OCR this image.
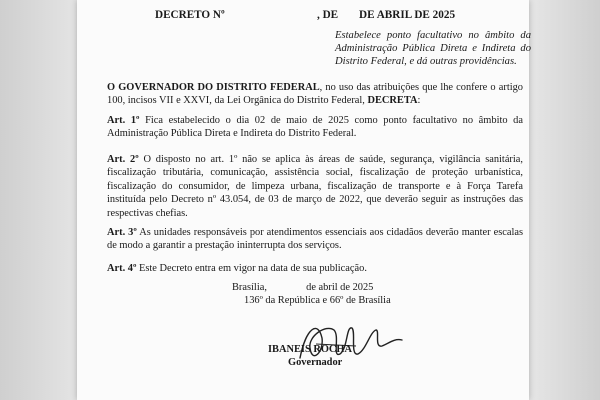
DECRETO Nº	, DE DE ABRIL DE 2025
Estabelece ponto facultativo no âmbito da Administração Pública Direta e Indireta do Distrito Federal, e dá outras providências.
O GOVERNADOR DO DISTRITO FEDERAL, no uso das atribuições que lhe confere o artigo 100, incisos VII e XXVI, da Lei Orgânica do Distrito Federal, DECRETA:
Art. 1º Fica estabelecido o dia 02 de maio de 2025 como ponto facultativo no âmbito da Administração Pública Direta e Indireta do Distrito Federal.
Art. 2º O disposto no art. 1º não se aplica às áreas de saúde, segurança, vigilância sanitária, fiscalização tributária, comunicação, assistência social, fiscalização de proteção urbanística, fiscalização do consumidor, de limpeza urbana, fiscalização de transporte e à Força Tarefa instituída pelo Decreto nº 43.054, de 03 de março de 2022, que deverão seguir as instruções das respectivas chefias.
Art. 3º As unidades responsáveis por atendimentos essenciais aos cidadãos deverão manter escalas de modo a garantir a prestação ininterrupta dos serviços.
Art. 4º Este Decreto entra em vigor na data de sua publicação.
Brasília,	de abril de 2025
136º da República e 66º de Brasília
IBANEIS ROCHA
Governador
